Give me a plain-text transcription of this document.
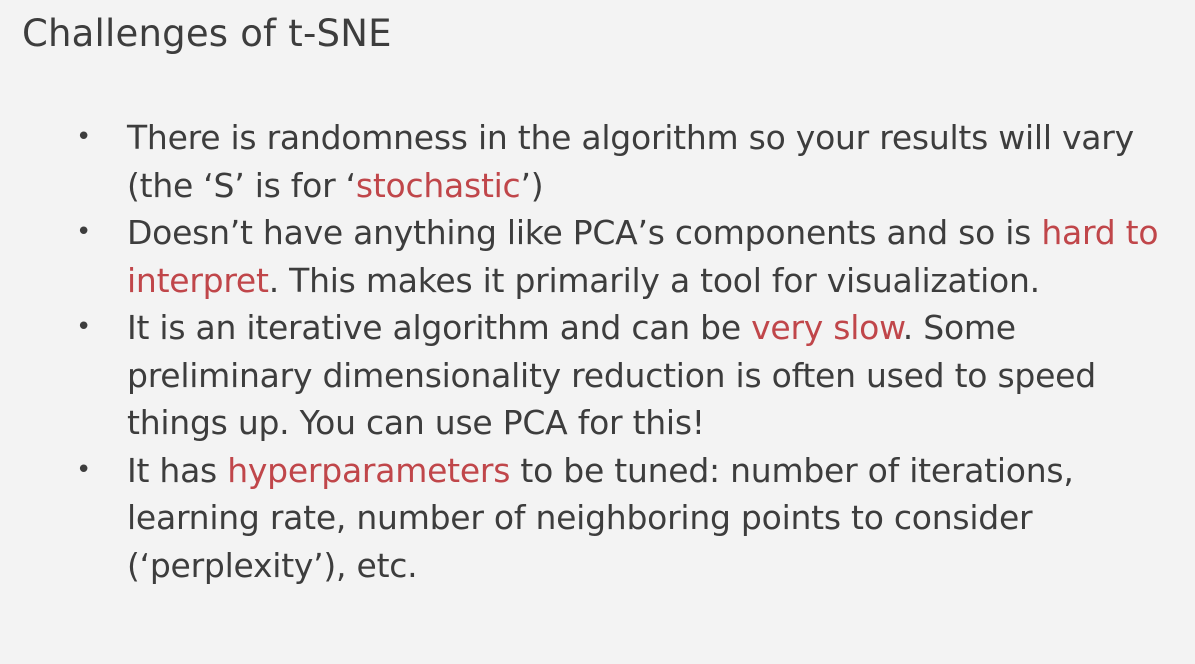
Challenges of t-SNE
• There is randomness in the algorithm so your results will vary (the ‘S’ is for ‘stochastic’)
• Doesn’t have anything like PCA’s components and so is hard to interpret. This makes it primarily a tool for visualization.
• It is an iterative algorithm and can be very slow. Some preliminary dimensionality reduction is often used to speed things up. You can use PCA for this!
• It has hyperparameters to be tuned: number of iterations, learning rate, number of neighboring points to consider (‘perplexity’), etc.
